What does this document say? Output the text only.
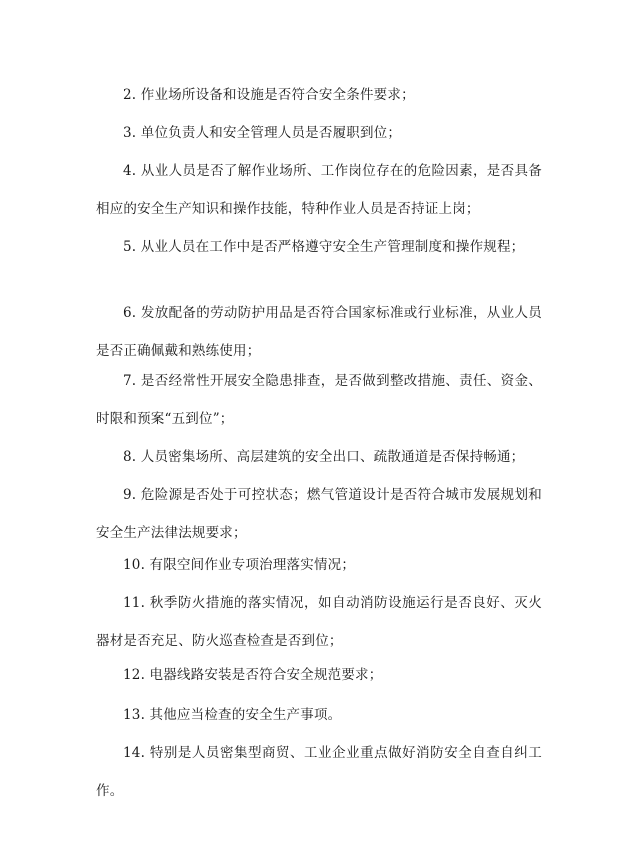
2. 作业场所设备和设施是否符合安全条件要求；

3. 单位负责人和安全管理人员是否履职到位；

4. 从业人员是否了解作业场所、工作岗位存在的危险因素，是否具备相应的安全生产知识和操作技能，特种作业人员是否持证上岗；

5. 从业人员在工作中是否严格遵守安全生产管理制度和操作规程；

6. 发放配备的劳动防护用品是否符合国家标准或行业标准，从业人员是否正确佩戴和熟练使用；

7. 是否经常性开展安全隐患排查，是否做到整改措施、责任、资金、时限和预案“五到位”；

8. 人员密集场所、高层建筑的安全出口、疏散通道是否保持畅通；

9. 危险源是否处于可控状态；燃气管道设计是否符合城市发展规划和安全生产法律法规要求；

10. 有限空间作业专项治理落实情况；

11. 秋季防火措施的落实情况，如自动消防设施运行是否良好、灭火器材是否充足、防火巡查检查是否到位；

12. 电器线路安装是否符合安全规范要求；

13. 其他应当检查的安全生产事项。

14. 特别是人员密集型商贸、工业企业重点做好消防安全自查自纠工作。
